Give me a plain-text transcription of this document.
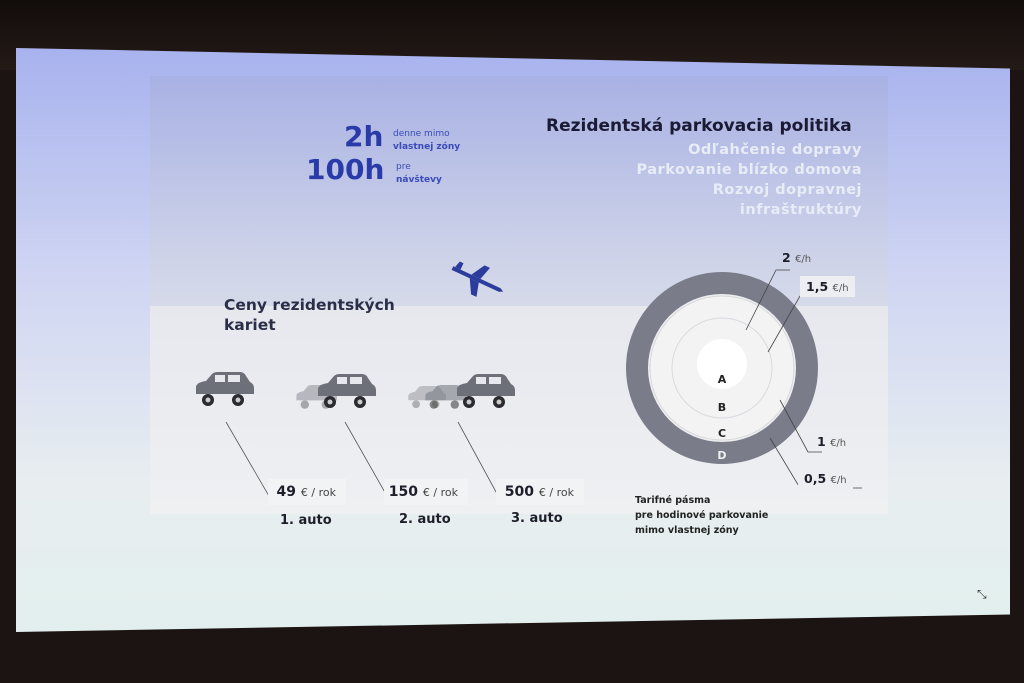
2h denne mimo
vlastnej zóny
100h pre
návštevy
Rezidentská parkovacia politika
Odľahčenie dopravy
Parkovanie blízko domova
Rozvoj dopravnej
infraštruktúry
Ceny rezidentských
kariet
49 € / rok	150 € / rok	500 € / rok
1. auto	2. auto	3. auto
2 €/h
1,5 €/h
1 €/h
0,5 €/h
A
B
C
D
Tarifné pásma
pre hodinové parkovanie
mimo vlastnej zóny
⤡
